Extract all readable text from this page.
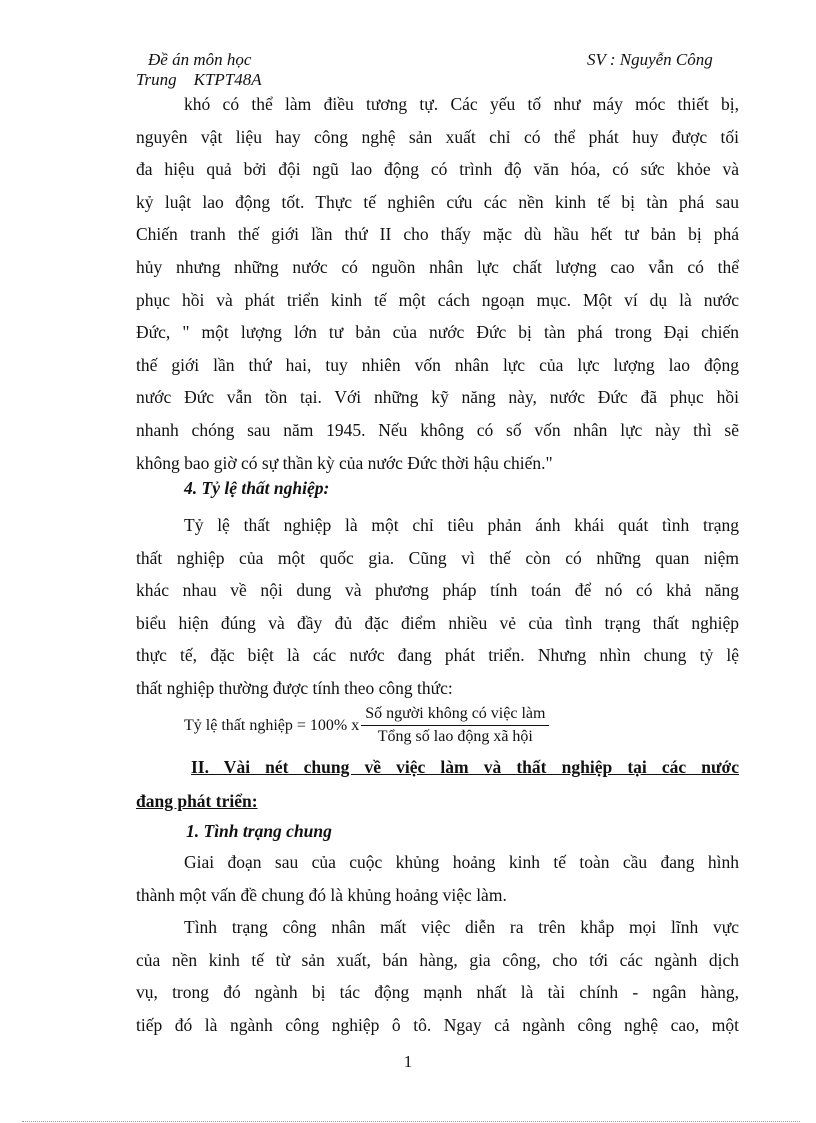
Đề án môn học
Trung    KTPT48A
SV : Nguyễn Công
khó có thể làm điều tương tự. Các yếu tố như máy móc thiết bị,
nguyên vật liệu hay công nghệ sản xuất chỉ có thể phát huy được tối
đa hiệu quả bởi đội ngũ lao động có trình độ văn hóa, có sức khỏe và
kỷ luật lao động tốt. Thực tế nghiên cứu các nền kinh tế bị tàn phá sau
Chiến tranh thế giới lần thứ II cho thấy mặc dù hầu hết tư bản bị phá
hủy nhưng những nước có nguồn nhân lực chất lượng cao vẫn có thể
phục hồi và phát triển kinh tế một cách ngoạn mục. Một ví dụ là nước
Đức, " một lượng lớn tư bản của nước Đức bị tàn phá trong Đại chiến
thế giới lần thứ hai, tuy nhiên vốn nhân lực của lực lượng lao động
nước Đức vẫn tồn tại. Với những kỹ năng này, nước Đức đã phục hồi
nhanh chóng sau năm 1945. Nếu không có số vốn nhân lực này thì sẽ
không bao giờ có sự thần kỳ của nước Đức thời hậu chiến."
4. Tỷ lệ thất nghiệp:
Tỷ lệ thất nghiệp là một chỉ tiêu phản ánh khái quát tình trạng
thất nghiệp của một quốc gia. Cũng vì thế còn có những quan niệm
khác nhau về nội dung và phương pháp tính toán để nó có khả năng
biểu hiện đúng và đầy đủ đặc điểm nhiều vẻ của tình trạng thất nghiệp
thực tế, đặc biệt là các nước đang phát triển. Nhưng nhìn chung tỷ lệ
thất nghiệp thường được tính theo công thức:
Tỷ lệ thất nghiệp = 100% x $\frac{\text{Số người không có việc làm}}{\text{Tổng số lao động xã hội}}$
II. Vài nét chung về việc làm và thất nghiệp tại các nước
đang phát triển:
1. Tình trạng chung
Giai đoạn sau của cuộc khủng hoảng kinh tế toàn cầu đang hình
thành một vấn đề chung đó là khủng hoảng việc làm.
Tình trạng công nhân mất việc diễn ra trên khắp mọi lĩnh vực
của nền kinh tế từ sản xuất, bán hàng, gia công, cho tới các ngành dịch
vụ, trong đó ngành bị tác động mạnh nhất là tài chính - ngân hàng,
tiếp đó là ngành công nghiệp ô tô. Ngay cả ngành công nghệ cao, một
1
